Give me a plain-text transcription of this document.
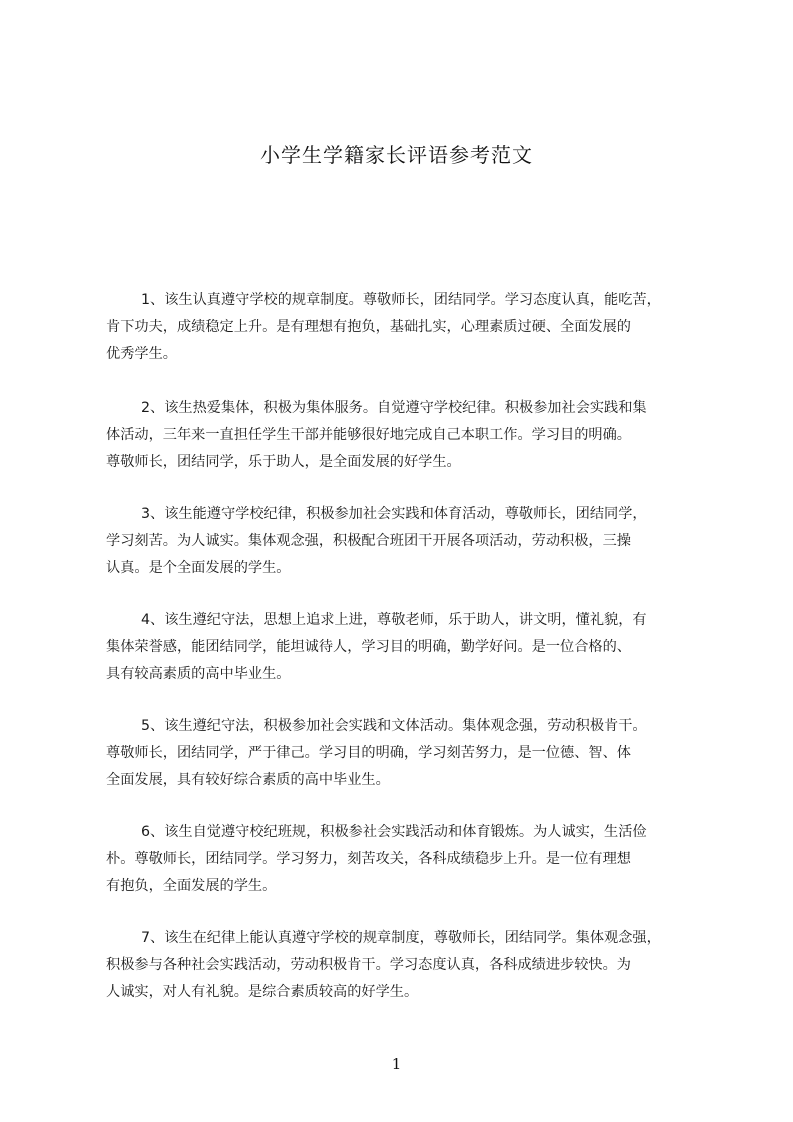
小学生学籍家长评语参考范文
1、该生认真遵守学校的规章制度。尊敬师长，团结同学。学习态度认真，能吃苦，
肯下功夫，成绩稳定上升。是有理想有抱负，基础扎实，心理素质过硬、全面发展的
优秀学生。
2、该生热爱集体，积极为集体服务。自觉遵守学校纪律。积极参加社会实践和集
体活动，三年来一直担任学生干部并能够很好地完成自己本职工作。学习目的明确。
尊敬师长，团结同学，乐于助人，是全面发展的好学生。
3、该生能遵守学校纪律，积极参加社会实践和体育活动，尊敬师长，团结同学，
学习刻苦。为人诚实。集体观念强，积极配合班团干开展各项活动，劳动积极，三操
认真。是个全面发展的学生。
4、该生遵纪守法，思想上追求上进，尊敬老师，乐于助人，讲文明，懂礼貌，有
集体荣誉感，能团结同学，能坦诚待人，学习目的明确，勤学好问。是一位合格的、
具有较高素质的高中毕业生。
5、该生遵纪守法，积极参加社会实践和文体活动。集体观念强，劳动积极肯干。
尊敬师长，团结同学，严于律己。学习目的明确，学习刻苦努力，是一位德、智、体
全面发展，具有较好综合素质的高中毕业生。
6、该生自觉遵守校纪班规，积极参社会实践活动和体育锻炼。为人诚实，生活俭
朴。尊敬师长，团结同学。学习努力，刻苦攻关，各科成绩稳步上升。是一位有理想
有抱负，全面发展的学生。
7、该生在纪律上能认真遵守学校的规章制度，尊敬师长，团结同学。集体观念强，
积极参与各种社会实践活动，劳动积极肯干。学习态度认真，各科成绩进步较快。为
人诚实，对人有礼貌。是综合素质较高的好学生。
1
